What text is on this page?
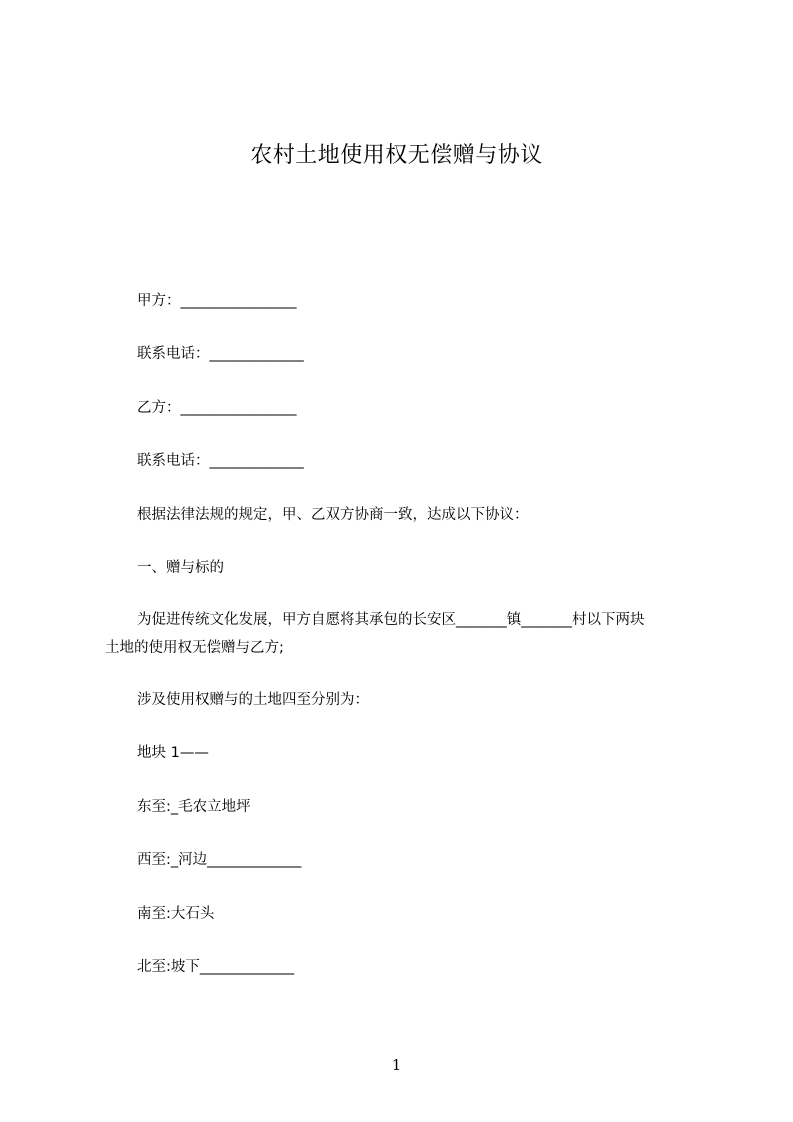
农村土地使用权无偿赠与协议
甲方：________________
联系电话：_____________
乙方：________________
联系电话：_____________
根据法律法规的规定，甲、乙双方协商一致，达成以下协议：
一、赠与标的
为促进传统文化发展，甲方自愿将其承包的长安区_______镇_______村以下两块
土地的使用权无偿赠与乙方;
涉及使用权赠与的土地四至分别为：
地块 1——
东至:_毛农立地坪
西至:_河边_____________
南至:大石头
北至:坡下_____________
1
